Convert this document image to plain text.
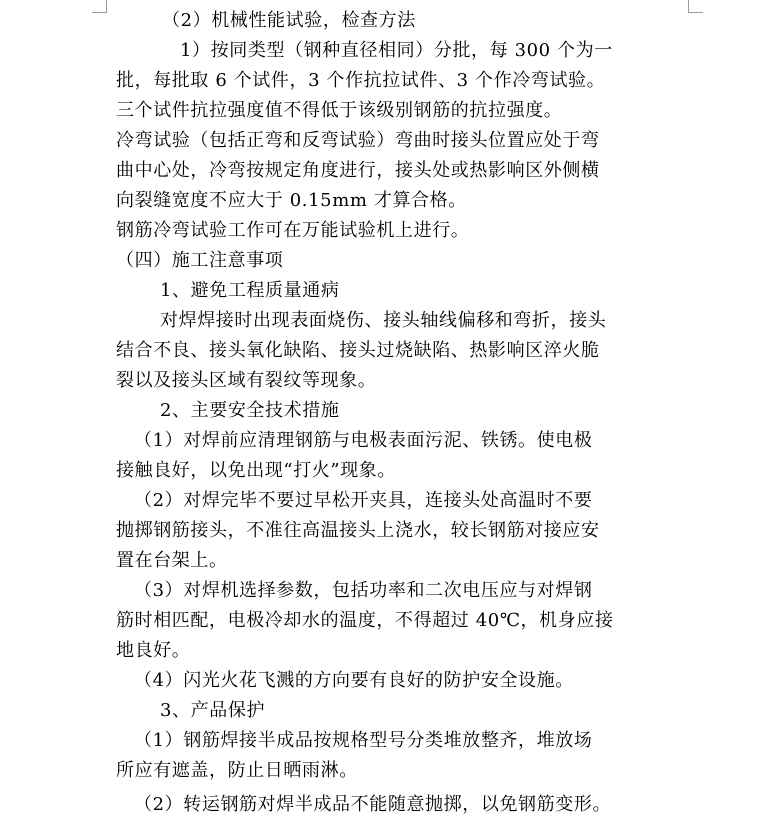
（2）机械性能试验，检查方法
1）按同类型（钢种直径相同）分批，每 300 个为一
批，每批取 6 个试件，3 个作抗拉试件、3 个作冷弯试验。
三个试件抗拉强度值不得低于该级别钢筋的抗拉强度。
冷弯试验（包括正弯和反弯试验）弯曲时接头位置应处于弯
曲中心处，冷弯按规定角度进行，接头处或热影响区外侧横
向裂缝宽度不应大于 0.15mm 才算合格。
钢筋冷弯试验工作可在万能试验机上进行。
（四）施工注意事项
1、避免工程质量通病
对焊焊接时出现表面烧伤、接头轴线偏移和弯折，接头
结合不良、接头氧化缺陷、接头过烧缺陷、热影响区淬火脆
裂以及接头区域有裂纹等现象。
2、主要安全技术措施
（1）对焊前应清理钢筋与电极表面污泥、铁锈。使电极
接触良好，以免出现“打火”现象。
（2）对焊完毕不要过早松开夹具，连接头处高温时不要
抛掷钢筋接头，不准往高温接头上浇水，较长钢筋对接应安
置在台架上。
（3）对焊机选择参数，包括功率和二次电压应与对焊钢
筋时相匹配，电极冷却水的温度，不得超过 40℃，机身应接
地良好。
（4）闪光火花飞溅的方向要有良好的防护安全设施。
3、产品保护
（1）钢筋焊接半成品按规格型号分类堆放整齐，堆放场
所应有遮盖，防止日晒雨淋。
（2）转运钢筋对焊半成品不能随意抛掷，以免钢筋变形。
